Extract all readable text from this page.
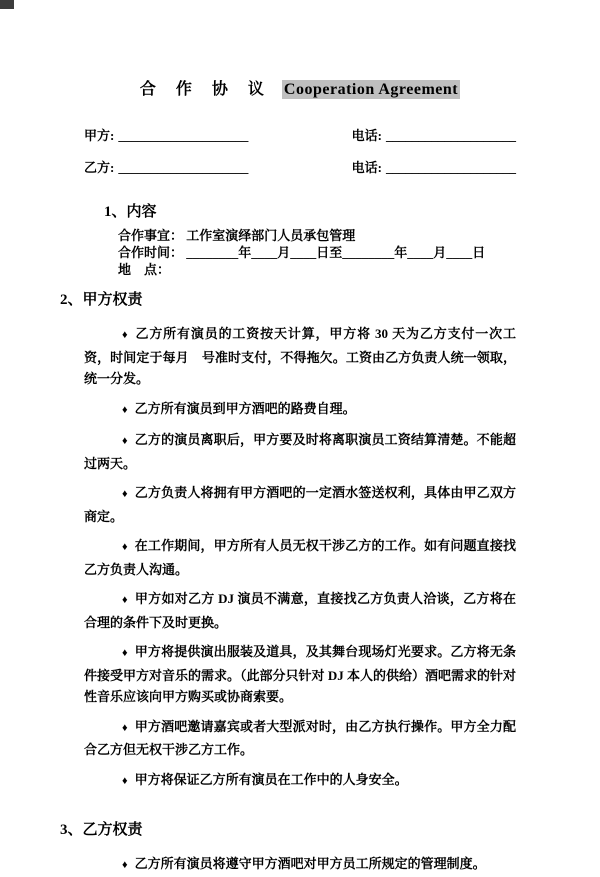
合 作 协 议 Cooperation Agreement
甲方: ____________________	电话: ____________________
乙方: ____________________	电话: ____________________
1、内容
合作事宜： 工作室演绎部门人员承包管理
合作时间： ________年____月____日至________年____月____日
地　点：
2、甲方权责

♦ 乙方所有演员的工资按天计算，甲方将 30 天为乙方支付一次工资，时间定于每月　号准时支付，不得拖欠。工资由乙方负责人统一领取，统一分发。

♦ 乙方所有演员到甲方酒吧的路费自理。

♦ 乙方的演员离职后，甲方要及时将离职演员工资结算清楚。不能超过两天。

♦ 乙方负责人将拥有甲方酒吧的一定酒水签送权利，具体由甲乙双方商定。

♦ 在工作期间，甲方所有人员无权干涉乙方的工作。如有问题直接找乙方负责人沟通。

♦ 甲方如对乙方 DJ 演员不满意，直接找乙方负责人洽谈，乙方将在合理的条件下及时更换。

♦ 甲方将提供演出服装及道具，及其舞台现场灯光要求。乙方将无条件接受甲方对音乐的需求。（此部分只针对 DJ 本人的供给）酒吧需求的针对性音乐应该向甲方购买或协商索要。

♦ 甲方酒吧邀请嘉宾或者大型派对时，由乙方执行操作。甲方全力配合乙方但无权干涉乙方工作。

♦ 甲方将保证乙方所有演员在工作中的人身安全。

3、乙方权责

♦ 乙方所有演员将遵守甲方酒吧对甲方员工所规定的管理制度。
